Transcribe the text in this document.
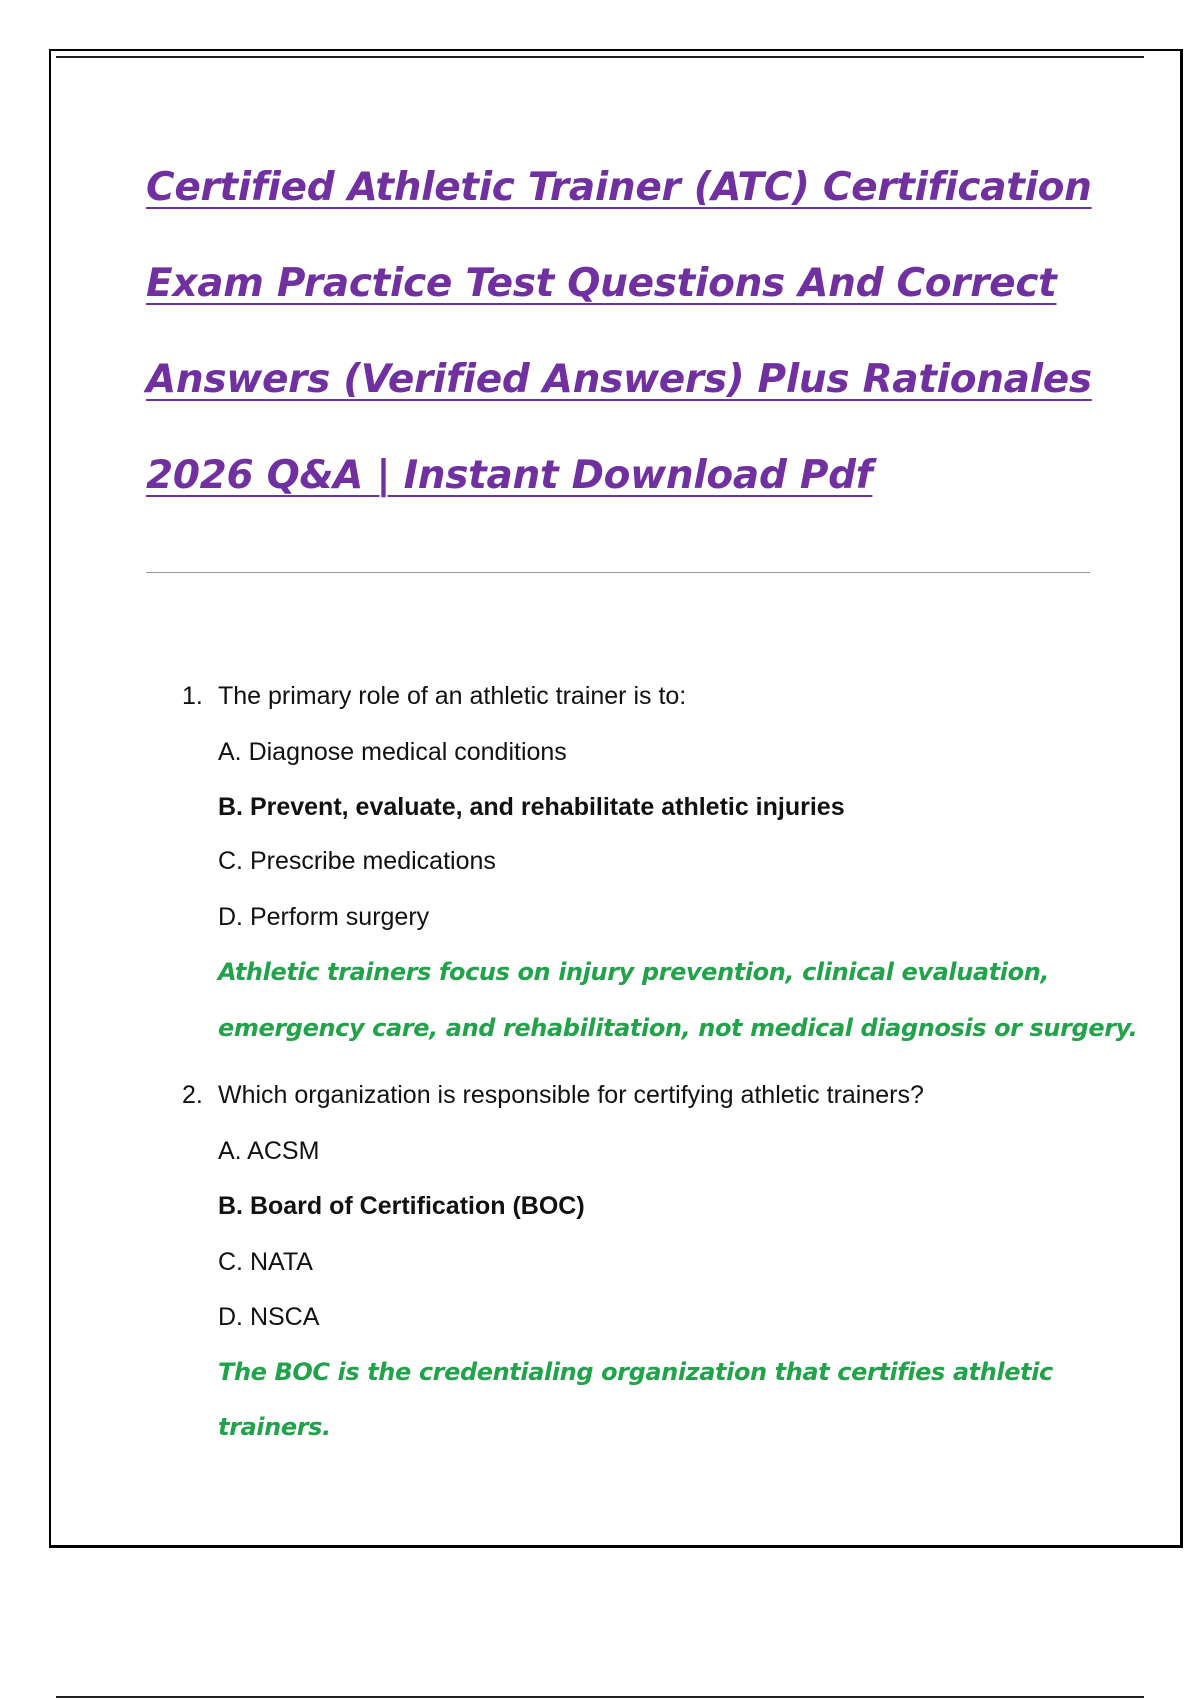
Certified Athletic Trainer (ATC) Certification
Exam Practice Test Questions And Correct
Answers (Verified Answers) Plus Rationales
2026 Q&A | Instant Download Pdf
1. The primary role of an athletic trainer is to:
A. Diagnose medical conditions
B. Prevent, evaluate, and rehabilitate athletic injuries
C. Prescribe medications
D. Perform surgery
Athletic trainers focus on injury prevention, clinical evaluation,
emergency care, and rehabilitation, not medical diagnosis or surgery.
2. Which organization is responsible for certifying athletic trainers?
A. ACSM
B. Board of Certification (BOC)
C. NATA
D. NSCA
The BOC is the credentialing organization that certifies athletic
trainers.
